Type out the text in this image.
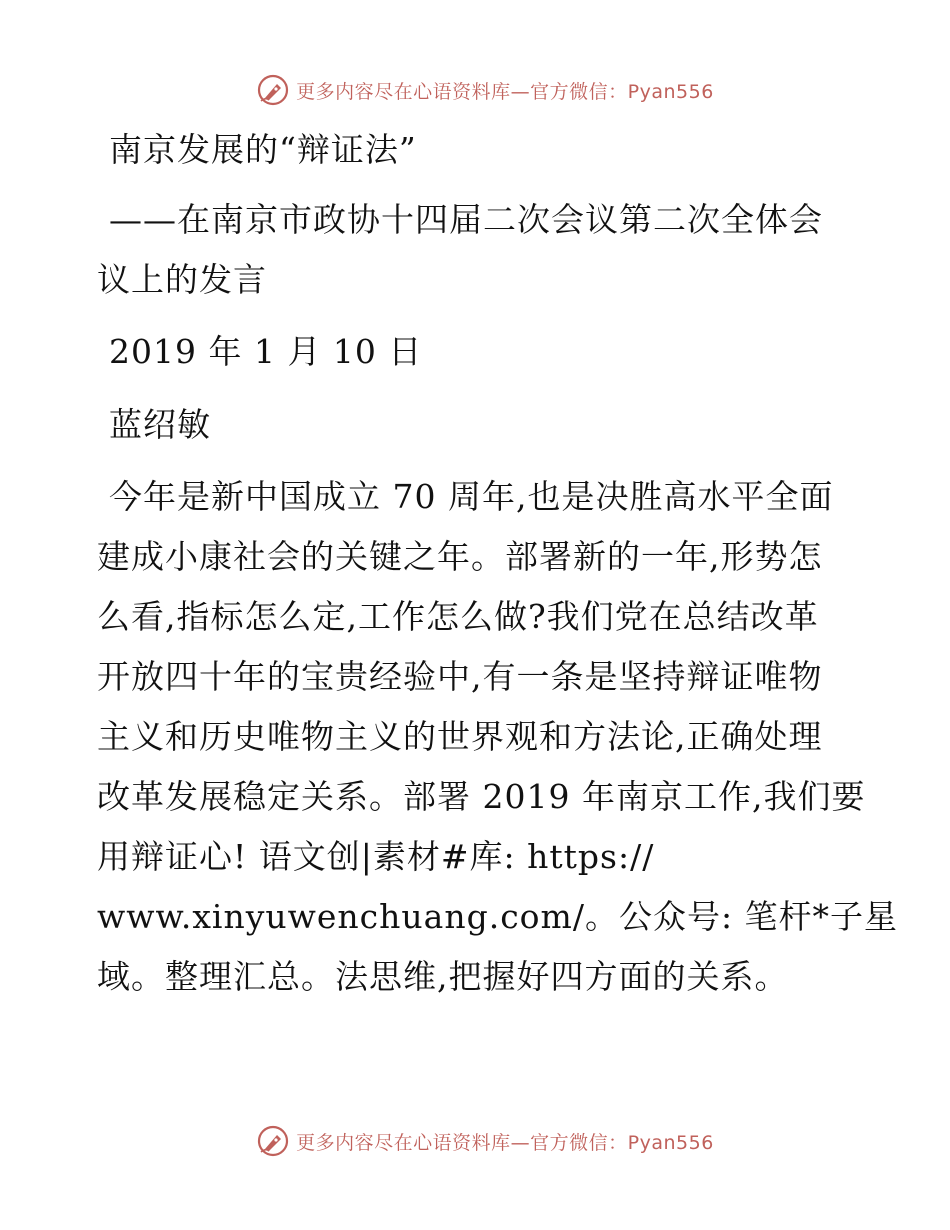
更多内容尽在心语资料库—官方微信：Pyan556
南京发展的“辩证法”
——在南京市政协十四届二次会议第二次全体会
议上的发言
2019 年 1 月 10 日
蓝绍敏
今年是新中国成立 70 周年,也是决胜高水平全面
建成小康社会的关键之年。部署新的一年,形势怎
么看,指标怎么定,工作怎么做?我们党在总结改革
开放四十年的宝贵经验中,有一条是坚持辩证唯物
主义和历史唯物主义的世界观和方法论,正确处理
改革发展稳定关系。部署 2019 年南京工作,我们要
用辩证心! 语文创|素材#库: https://
www.xinyuwenchuang.com/。公众号: 笔杆*子星
域。整理汇总。法思维,把握好四方面的关系。
更多内容尽在心语资料库—官方微信：Pyan556
